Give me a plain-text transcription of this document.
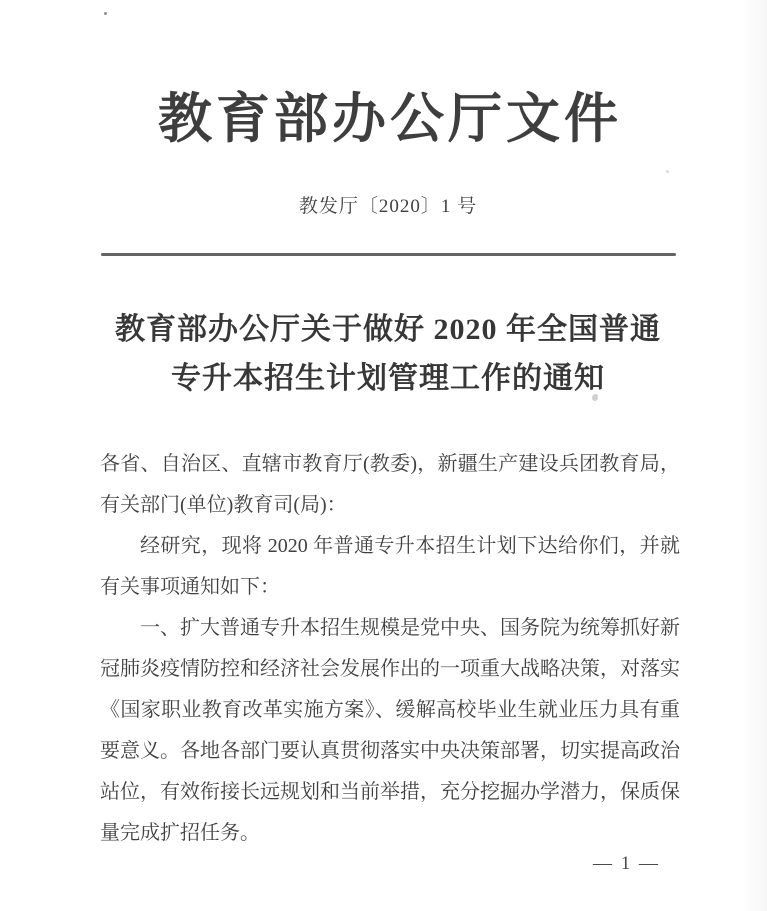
教育部办公厅文件
教发厅〔2020〕1 号
教育部办公厅关于做好 2020 年全国普通
专升本招生计划管理工作的通知

各省、自治区、直辖市教育厅(教委)，新疆生产建设兵团教育局，有关部门(单位)教育司(局)：

经研究，现将 2020 年普通专升本招生计划下达给你们，并就有关事项通知如下：

一、扩大普通专升本招生规模是党中央、国务院为统筹抓好新冠肺炎疫情防控和经济社会发展作出的一项重大战略决策，对落实《国家职业教育改革实施方案》、缓解高校毕业生就业压力具有重要意义。各地各部门要认真贯彻落实中央决策部署，切实提高政治站位，有效衔接长远规划和当前举措，充分挖掘办学潜力，保质保量完成扩招任务。

— 1 —
